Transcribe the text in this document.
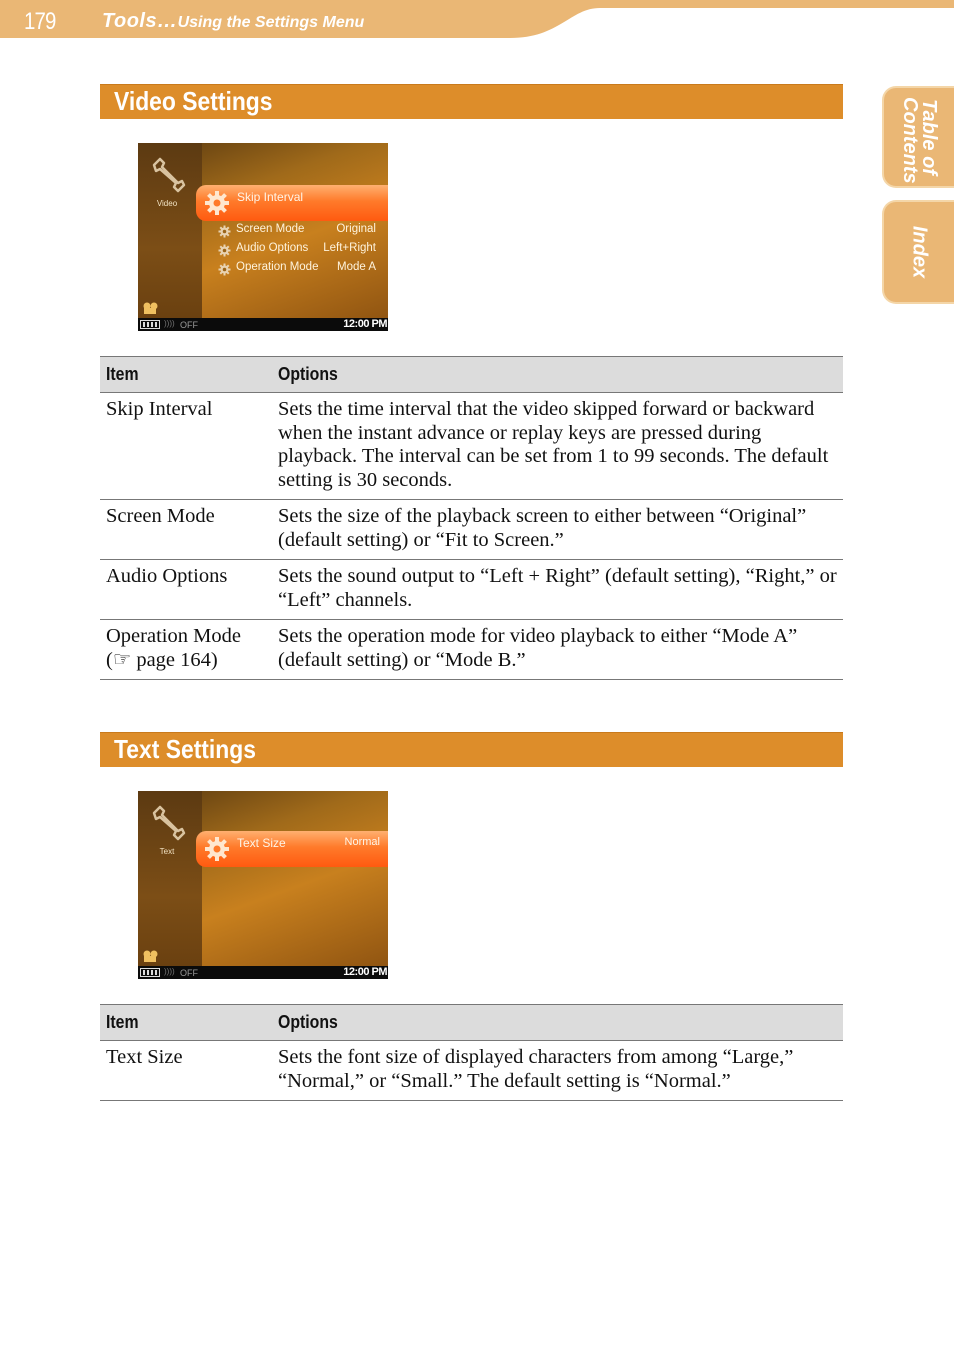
179 Tools…Using the Settings Menu
Table of Contents
Index
Video Settings
Video	Skip Interval
Screen Mode	Original
Audio Options Left+Right
Operation Mode Mode A
)))) OFF	12:00 PM
Item	Options
Skip Interval	Sets the time interval that the video skipped forward or backward when the instant advance or replay keys are pressed during playback. The interval can be set from 1 to 99 seconds. The default setting is 30 seconds.
Screen Mode	Sets the size of the playback screen to either between “Original” (default setting) or “Fit to Screen.”
Audio Options	Sets the sound output to “Left + Right” (default setting), “Right,” or “Left” channels.
Operation Mode
(☞ page 164)	Sets the operation mode for video playback to either “Mode A” (default setting) or “Mode B.”
Text Settings
Text
Text Size	Normal
)))) OFF	12:00 PM
Item	Options
Text Size	Sets the font size of displayed characters from among “Large,” “Normal,” or “Small.” The default setting is “Normal.”
